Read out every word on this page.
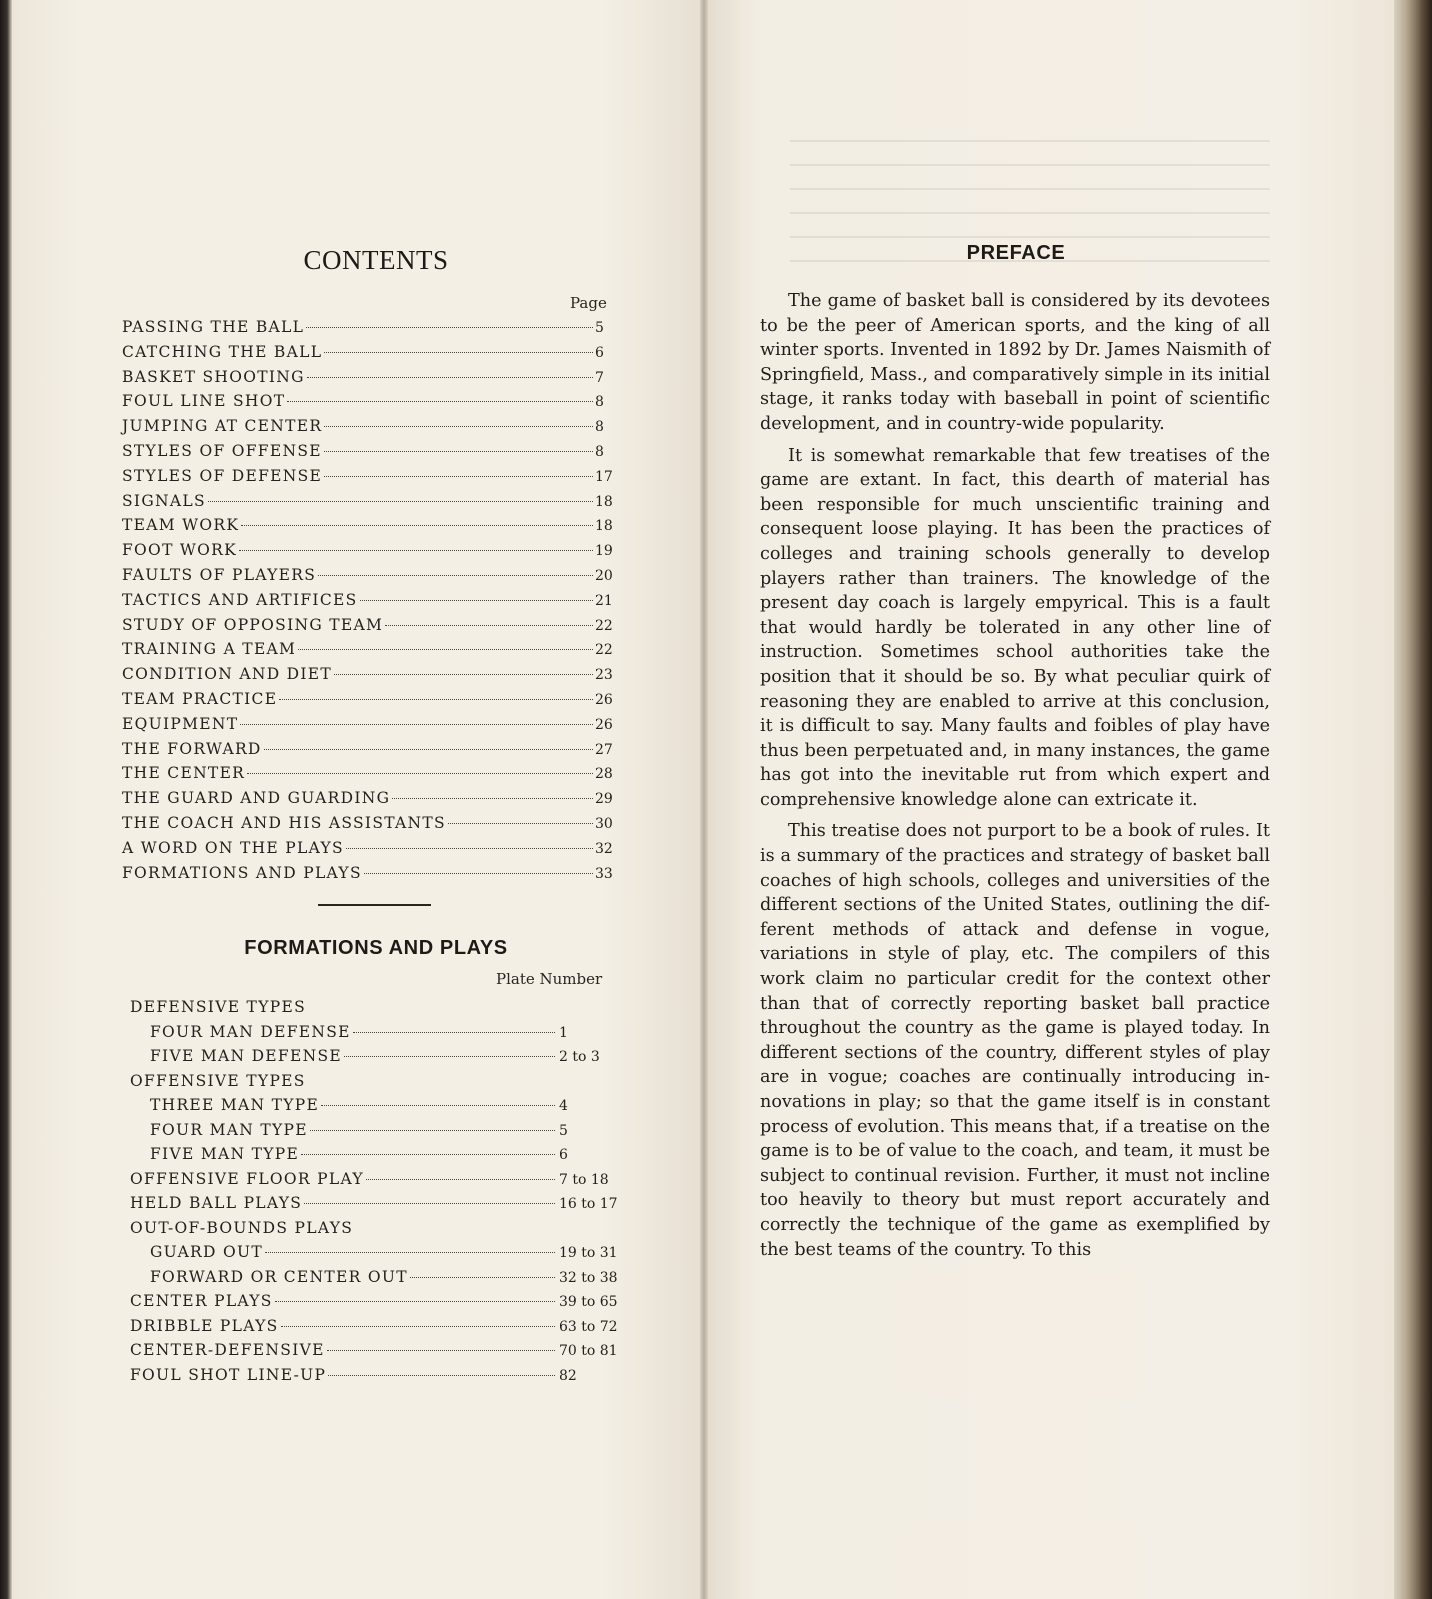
CONTENTS
Page
PASSING THE BALL	5
CATCHING THE BALL	6
BASKET SHOOTING	7
FOUL LINE SHOT	8
JUMPING AT CENTER	8
STYLES OF OFFENSE	8
STYLES OF DEFENSE	17
SIGNALS	18
TEAM WORK	18
FOOT WORK	19
FAULTS OF PLAYERS	20
TACTICS AND ARTIFICES	21
STUDY OF OPPOSING TEAM	22
TRAINING A TEAM	22
CONDITION AND DIET	23
TEAM PRACTICE	26
EQUIPMENT	26
THE FORWARD	27
THE CENTER	28
THE GUARD AND GUARDING	29
THE COACH AND HIS ASSISTANTS	30
A WORD ON THE PLAYS	32
FORMATIONS AND PLAYS	33
FORMATIONS AND PLAYS
Plate Number
DEFENSIVE TYPES
FOUR MAN DEFENSE	1
FIVE MAN DEFENSE	2 to 3
OFFENSIVE TYPES
THREE MAN TYPE	4
FOUR MAN TYPE	5
FIVE MAN TYPE	6
OFFENSIVE FLOOR PLAY	7 to 18
HELD BALL PLAYS	16 to 17
OUT-OF-BOUNDS PLAYS
GUARD OUT	19 to 31
FORWARD OR CENTER OUT	32 to 38
CENTER PLAYS	39 to 65
DRIBBLE PLAYS	63 to 72
CENTER-DEFENSIVE	70 to 81
FOUL SHOT LINE-UP	82
PREFACE

The game of basket ball is considered by its devotees to be the peer of American sports, and the king of all winter sports. Invented in 1892 by Dr. James Naismith of Springfield, Mass., and comparatively simple in its initial stage, it ranks today with baseball in point of scientific development, and in country-wide popularity.

It is somewhat remarkable that few treatises of the game are extant. In fact, this dearth of material has been responsible for much unscientific training and consequent loose playing. It has been the practices of colleges and training schools generally to develop players rather than trainers. The knowledge of the present day coach is largely empyrical. This is a fault that would hardly be tolerated in any other line of instruction. Sometimes school authorities take the position that it should be so. By what peculiar quirk of reasoning they are enabled to arrive at this conclusion, it is difficult to say. Many faults and foibles of play have thus been perpetuated and, in many instances, the game has got into the inevitable rut from which expert and comprehensive knowledge alone can extricate it.

This treatise does not purport to be a book of rules. It is a summary of the practices and strategy of basket ball coaches of high schools, colleges and universities of the different sections of the United States, outlining the different methods of attack and defense in vogue, variations in style of play, etc. The compilers of this work claim no particular credit for the context other than that of correctly reporting basket ball practice throughout the country as the game is played today. In different sections of the country, different styles of play are in vogue; coaches are continually introducing innovations in play; so that the game itself is in constant process of evolution. This means that, if a treatise on the game is to be of value to the coach, and team, it must be subject to continual revision. Further, it must not incline too heavily to theory but must report accurately and correctly the technique of the game as exemplified by the best teams of the country. To this
